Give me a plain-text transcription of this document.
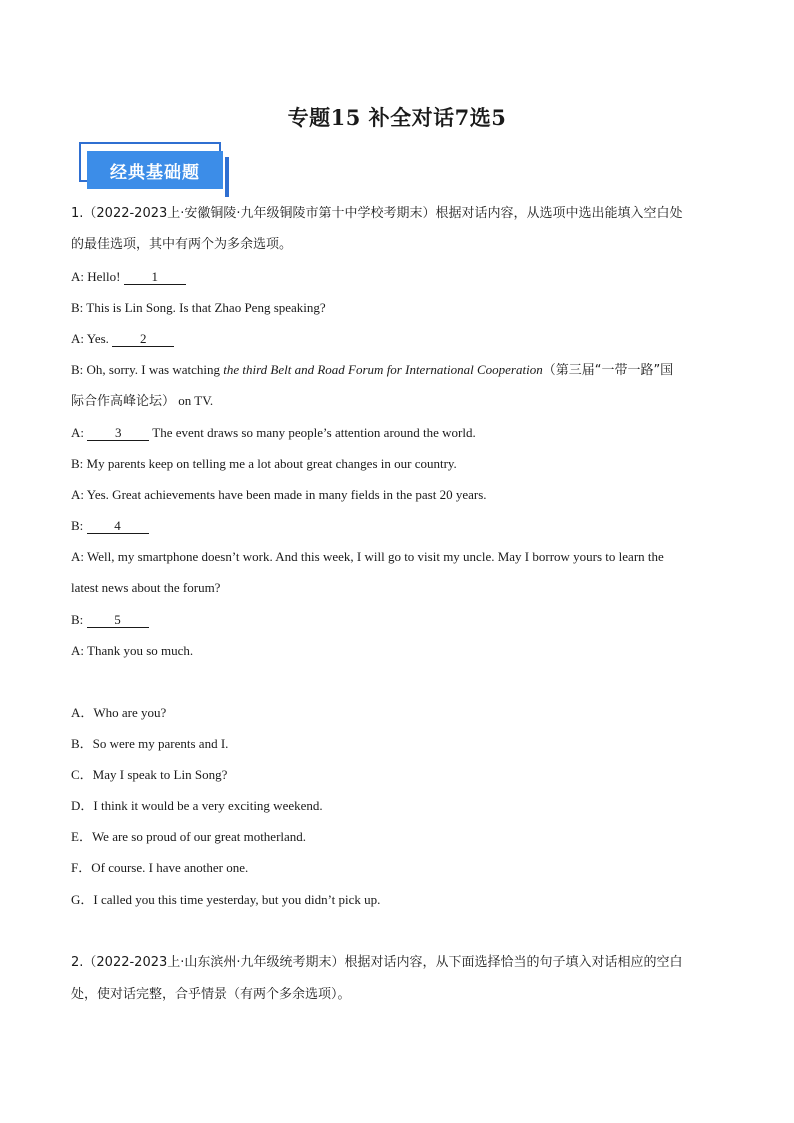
专题15 补全对话7选5
经典基础题
1.（2022-2023上·安徽铜陵·九年级铜陵市第十中学校考期末）根据对话内容，从选项中选出能填入空白处
的最佳选项，其中有两个为多余选项。
A: Hello! 1
B: This is Lin Song. Is that Zhao Peng speaking?
A: Yes. 2
B: Oh, sorry. I was watching the third Belt and Road Forum for International Cooperation（第三届“一带一路”国
际合作高峰论坛） on TV.
A: 3 The event draws so many people’s attention around the world.
B: My parents keep on telling me a lot about great changes in our country.
A: Yes. Great achievements have been made in many fields in the past 20 years.
B: 4
A: Well, my smartphone doesn’t work. And this week, I will go to visit my uncle. May I borrow yours to learn the
latest news about the forum?
B: 5
A: Thank you so much.
A．Who are you?
B．So were my parents and I.
C．May I speak to Lin Song?
D．I think it would be a very exciting weekend.
E．We are so proud of our great motherland.
F．Of course. I have another one.
G．I called you this time yesterday, but you didn’t pick up.
2.（2022-2023上·山东滨州·九年级统考期末）根据对话内容，从下面选择恰当的句子填入对话相应的空白
处，使对话完整，合乎情景（有两个多余选项）。
